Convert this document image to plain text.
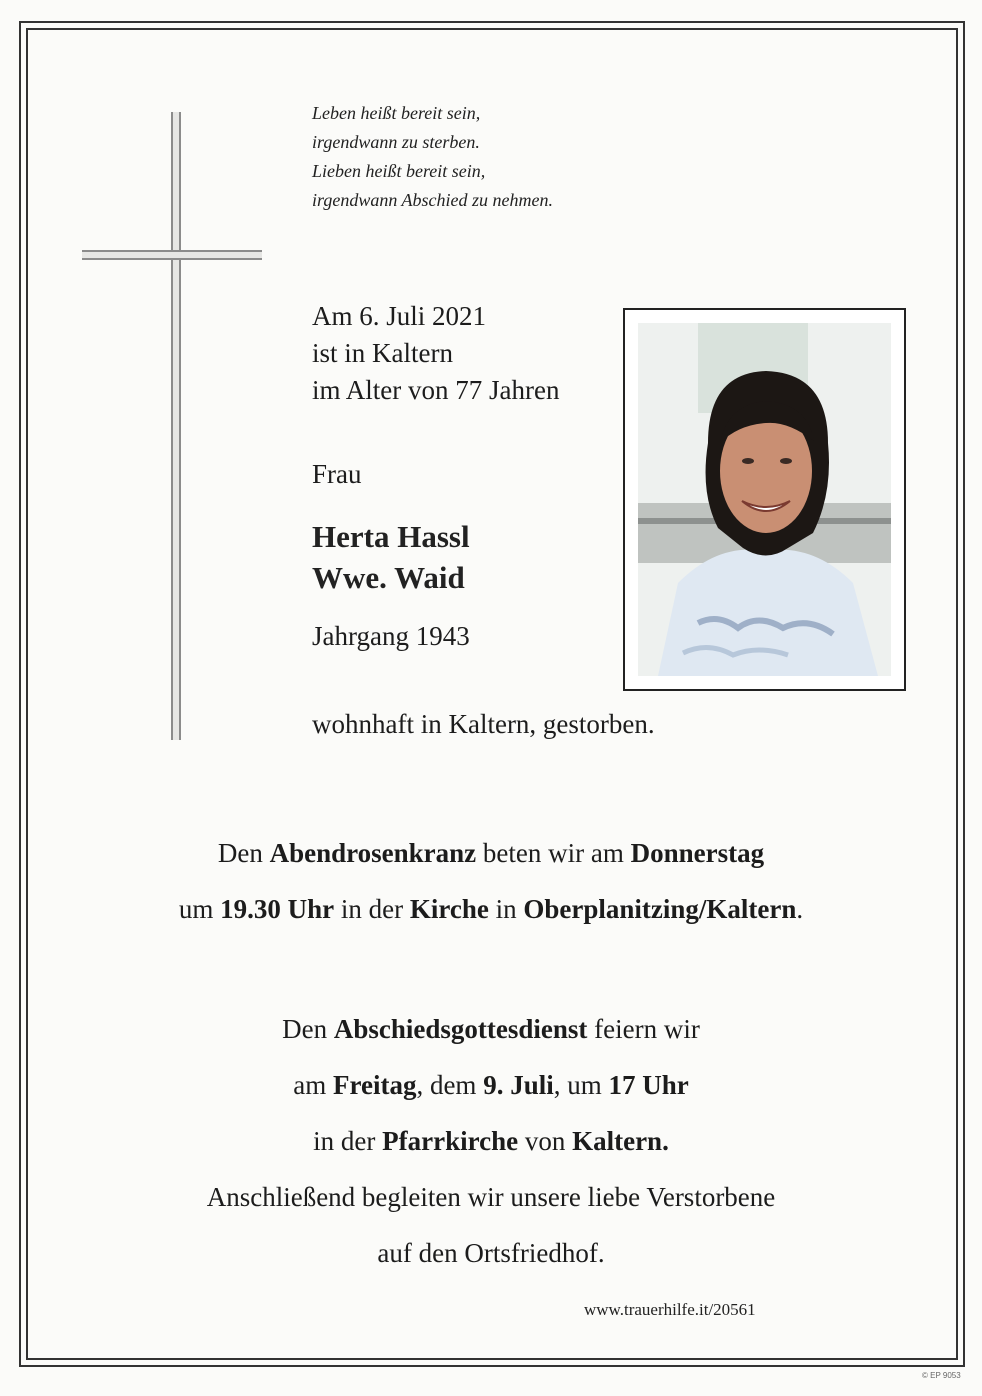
Leben heißt bereit sein,
irgendwann zu sterben.
Lieben heißt bereit sein,
irgendwann Abschied zu nehmen.
Am 6. Juli 2021
ist in Kaltern
im Alter von 77 Jahren
Frau
Herta Hassl
Wwe. Waid
Jahrgang 1943
wohnhaft in Kaltern, gestorben.
Den Abendrosenkranz beten wir am Donnerstag
um 19.30 Uhr in der Kirche in Oberplanitzing/Kaltern.
Den Abschiedsgottesdienst feiern wir
am Freitag, dem 9. Juli, um 17 Uhr
in der Pfarrkirche von Kaltern.
Anschließend begleiten wir unsere liebe Verstorbene
auf den Ortsfriedhof.
www.trauerhilfe.it/20561
© EP 9053
